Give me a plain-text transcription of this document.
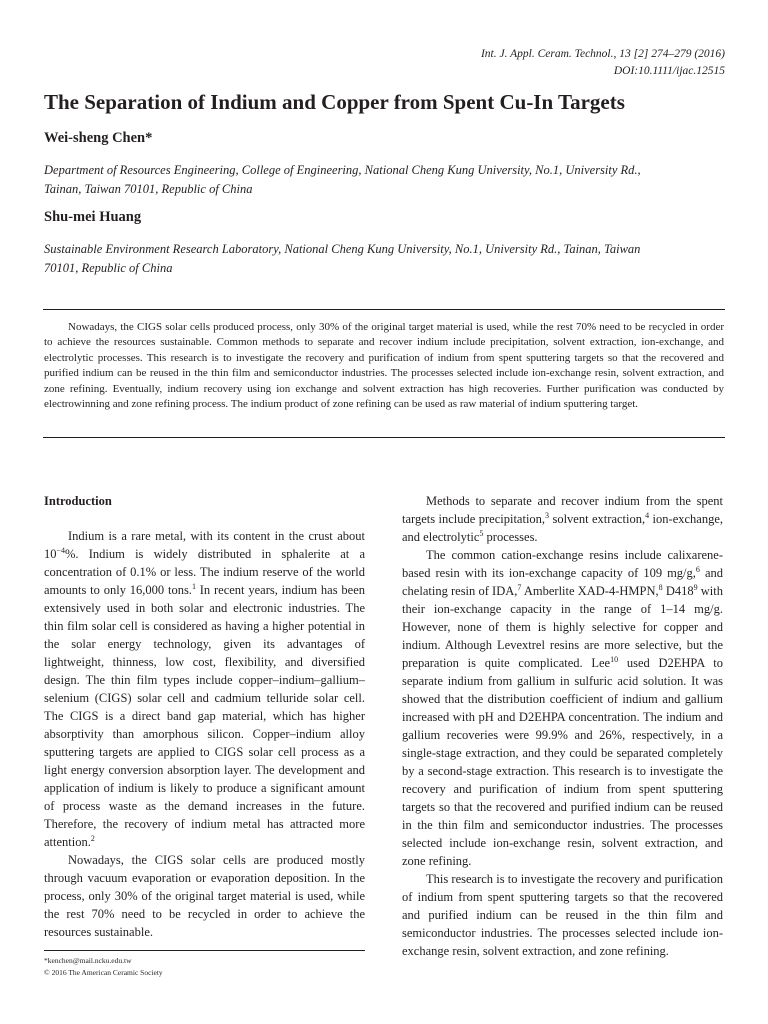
Int. J. Appl. Ceram. Technol., 13 [2] 274–279 (2016)
DOI:10.1111/ijac.12515
The Separation of Indium and Copper from Spent Cu-In Targets
Wei-sheng Chen*
Department of Resources Engineering, College of Engineering, National Cheng Kung University, No.1, University Rd.,
Tainan, Taiwan 70101, Republic of China
Shu-mei Huang
Sustainable Environment Research Laboratory, National Cheng Kung University, No.1, University Rd., Tainan, Taiwan
70101, Republic of China

Nowadays, the CIGS solar cells produced process, only 30% of the original target material is used, while the rest 70% need to be recycled in order to achieve the resources sustainable. Common methods to separate and recover indium include precipitation, solvent extraction, ion-exchange, and electrolytic processes. This research is to investigate the recovery and purification of indium from spent sputtering targets so that the recovered and purified indium can be reused in the thin film and semiconductor industries. The processes selected include ion-exchange resin, solvent extraction, and zone refining. Eventually, indium recovery using ion exchange and solvent extraction has high recoveries. Further purification was conducted by electrowinning and zone refining process. The indium product of zone refining can be used as raw material of indium sputtering target.

Introduction

Indium is a rare metal, with its content in the crust about $10^{-4}\%$. Indium is widely distributed in sphalerite at a concentration of 0.1% or less. The indium reserve of the world amounts to only 16,000 tons.$^1$ In recent years, indium has been extensively used in both solar and electronic industries. The thin film solar cell is considered as having a higher potential in the solar energy technology, given its advantages of lightweight, thinness, low cost, flexibility, and diversified design. The thin film types include copper–indium–gallium–selenium (CIGS) solar cell and cadmium telluride solar cell. The CIGS is a direct band gap material, which has higher absorptivity than amorphous silicon. Copper–indium alloy sputtering targets are applied to CIGS solar cell process as a light energy conversion absorption layer. The development and application of indium is likely to produce a significant amount of process waste as the demand increases in the future. Therefore, the recovery of indium metal has attracted more attention.$^2$

Nowadays, the CIGS solar cells are produced mostly through vacuum evaporation or evaporation deposition. In the process, only 30% of the original target material is used, while the rest 70% need to be recycled in order to achieve the resources sustainable.

Methods to separate and recover indium from the spent targets include precipitation,$^3$ solvent extraction,$^4$ ion-exchange, and electrolytic$^5$ processes.

The common cation-exchange resins include calixarene-based resin with its ion-exchange capacity of 109 mg/g,$^6$ and chelating resin of IDA,$^7$ Amberlite XAD-4-HMPN,$^8$ $D418^9$ with their ion-exchange capacity in the range of 1–14 mg/g. However, none of them is highly selective for copper and indium. Although Levextrel resins are more selective, but the preparation is quite complicated. Lee$^{10}$ used D2EHPA to separate indium from gallium in sulfuric acid solution. It was showed that the distribution coefficient of indium and gallium increased with pH and D2EHPA concentration. The indium and gallium recoveries were 99.9% and 26%, respectively, in a single-stage extraction, and they could be separated completely by a second-stage extraction. This research is to investigate the recovery and purification of indium from spent sputtering targets so that the recovered and purified indium can be reused in the thin film and semiconductor industries. The processes selected include ion-exchange resin, solvent extraction, and zone refining.

This research is to investigate the recovery and purification of indium from spent sputtering targets so that the recovered and purified indium can be reused in the thin film and semiconductor industries. The processes selected include ion-exchange resin, solvent extraction, and zone refining.

*kenchen@mail.ncku.edu.tw
© 2016 The American Ceramic Society
